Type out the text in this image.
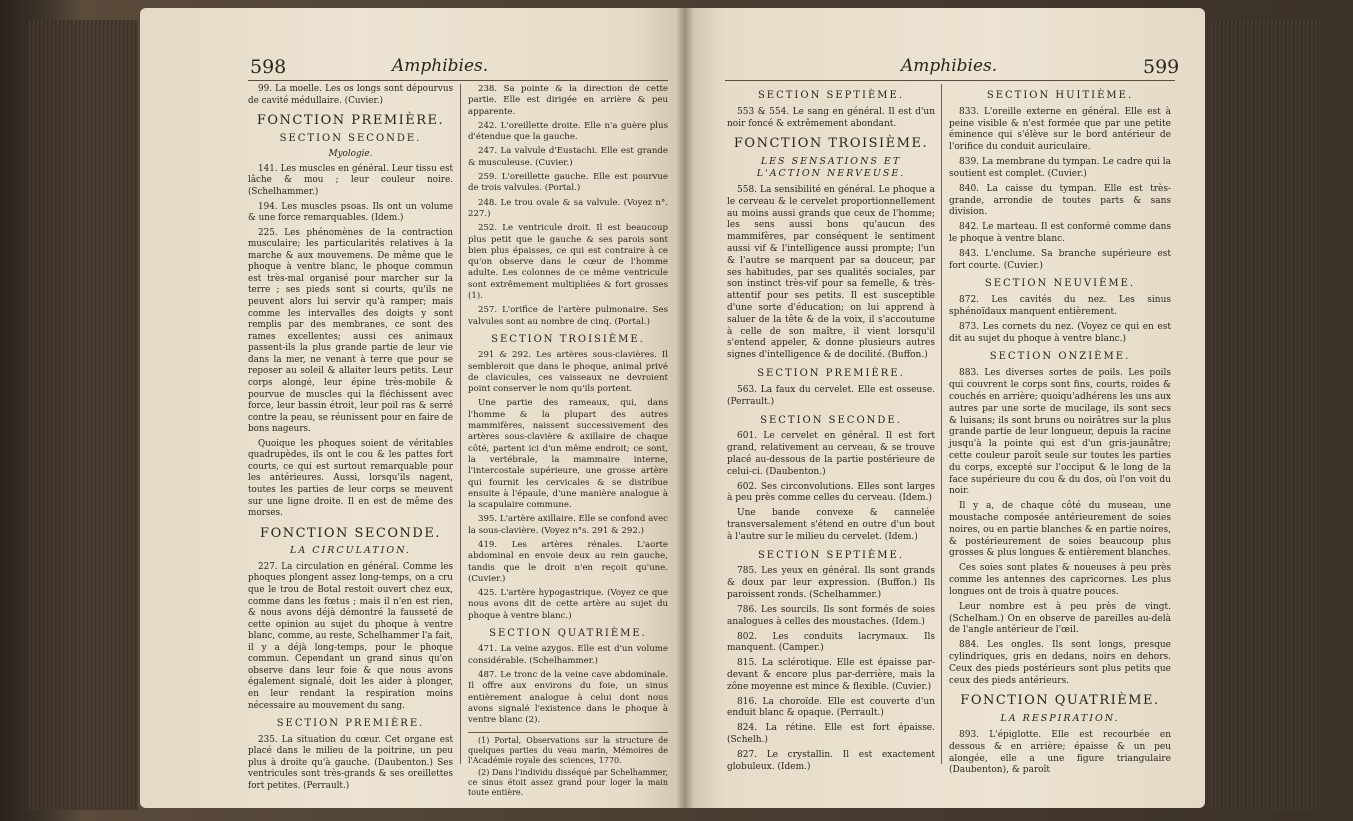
598	Amphibies.

99. La moelle. Les os longs sont dépourvus de cavité médullaire. (Cuvier.)

FONCTION PREMIÈRE.

SECTION SECONDE.

Myologie.

141. Les muscles en général. Leur tissu est lâche & mou ; leur couleur noire. (Schelhammer.)

194. Les muscles psoas. Ils ont un volume & une force remarquables. (Idem.)

225. Les phénomènes de la contraction musculaire; les particularités relatives à la marche & aux mouvemens. De même que le phoque à ventre blanc, le phoque commun est très-mal organisé pour marcher sur la terre ; ses pieds sont si courts, qu'ils ne peuvent alors lui servir qu'à ramper; mais comme les intervalles des doigts y sont remplis par des membranes, ce sont des rames excellentes; aussi ces animaux passent-ils la plus grande partie de leur vie dans la mer, ne venant à terre que pour se reposer au soleil & allaiter leurs petits. Leur corps alongé, leur épine très-mobile & pourvue de muscles qui la fléchissent avec force, leur bassin étroit, leur poil ras & serré contre la peau, se réunissent pour en faire de bons nageurs.

Quoique les phoques soient de véritables quadrupèdes, ils ont le cou & les pattes fort courts, ce qui est surtout remarquable pour les antérieures. Aussi, lorsqu'ils nagent, toutes les parties de leur corps se meuvent sur une ligne droite. Il en est de même des morses.

FONCTION SECONDE.

LA CIRCULATION.

227. La circulation en général. Comme les phoques plongent assez long-temps, on a cru que le trou de Botal restoit ouvert chez eux, comme dans les fœtus ; mais il n'en est rien, & nous avons déjà démontré la fausseté de cette opinion au sujet du phoque à ventre blanc, comme, au reste, Schelhammer l'a fait, il y a déjà long-temps, pour le phoque commun. Cependant un grand sinus qu'on observe dans leur foie & que nous avons également signalé, doit les aider à plonger, en leur rendant la respiration moins nécessaire au mouvement du sang.

SECTION PREMIÈRE.

235. La situation du cœur. Cet organe est placé dans le milieu de la poitrine, un peu plus à droite qu'à gauche. (Daubenton.) Ses ventricules sont très-grands & ses oreillettes fort petites. (Perrault.)

238. Sa pointe & la direction de cette partie. Elle est dirigée en arrière & peu apparente.

242. L'oreillette droite. Elle n'a guère plus d'étendue que la gauche.

247. La valvule d'Eustachi. Elle est grande & musculeuse. (Cuvier.)

259. L'oreillette gauche. Elle est pourvue de trois valvules. (Portal.)

248. Le trou ovale & sa valvule. (Voyez n°. 227.)

252. Le ventricule droit. Il est beaucoup plus petit que le gauche & ses parois sont bien plus épaisses, ce qui est contraire à ce qu'on observe dans le cœur de l'homme adulte. Les colonnes de ce même ventricule sont extrêmement multipliées & fort grosses (1).

257. L'orifice de l'artère pulmonaire. Ses valvules sont au nombre de cinq. (Portal.)

SECTION TROISIÈME.

291 & 292. Les artères sous-clavières. Il sembleroit que dans le phoque, animal privé de clavicules, ces vaisseaux ne devroient point conserver le nom qu'ils portent.

Une partie des rameaux, qui, dans l'homme & la plupart des autres mammifères, naissent successivement des artères sous-clavière & axillaire de chaque côté, partent ici d'un même endroit; ce sont, la vertébrale, la mammaire interne, l'intercostale supérieure, une grosse artère qui fournit les cervicales & se distribue ensuite à l'épaule, d'une manière analogue à la scapulaire commune.

395. L'artère axillaire. Elle se confond avec la sous-clavière. (Voyez n°s. 291 & 292.)

419. Les artères rénales. L'aorte abdominal en envoie deux au rein gauche, tandis que le droit n'en reçoit qu'une. (Cuvier.)

425. L'artère hypogastrique. (Voyez ce que nous avons dit de cette artère au sujet du phoque à ventre blanc.)

SECTION QUATRIÈME.

471. La veine azygos. Elle est d'un volume considérable. (Schelhammer.)

487. Le tronc de la veine cave abdominale. Il offre aux environs du foie, un sinus entièrement analogue à celui dont nous avons signalé l'existence dans le phoque à ventre blanc (2).

(1) Portal, Observations sur la structure de quelques parties du veau marin, Mémoires de l'Académie royale des sciences, 1770.

(2) Dans l'individu disséqué par Schelhammer, ce sinus étoit assez grand pour loger la main toute entière.

Amphibies.	599

SECTION SEPTIÈME.

553 & 554. Le sang en général. Il est d'un noir foncé & extrêmement abondant.

FONCTION TROISIÈME.

LES SENSATIONS ET L'ACTION NERVEUSE.

558. La sensibilité en général. Le phoque a le cerveau & le cervelet proportionnellement au moins aussi grands que ceux de l'homme; les sens aussi bons qu'aucun des mammifères, par conséquent le sentiment aussi vif & l'intelligence aussi prompte; l'un & l'autre se marquent par sa douceur, par ses habitudes, par ses qualités sociales, par son instinct très-vif pour sa femelle, & très-attentif pour ses petits. Il est susceptible d'une sorte d'éducation; on lui apprend à saluer de la tête & de la voix, il s'accoutume à celle de son maître, il vient lorsqu'il s'entend appeler, & donne plusieurs autres signes d'intelligence & de docilité. (Buffon.)

SECTION PREMIÈRE.

563. La faux du cervelet. Elle est osseuse. (Perrault.)

SECTION SECONDE.

601. Le cervelet en général. Il est fort grand, relativement au cerveau, & se trouve placé au-dessous de la partie postérieure de celui-ci. (Daubenton.)

602. Ses circonvolutions. Elles sont larges à peu près comme celles du cerveau. (Idem.)

Une bande convexe & cannelée transversalement s'étend en outre d'un bout à l'autre sur le milieu du cervelet. (Idem.)

SECTION SEPTIÈME.

785. Les yeux en général. Ils sont grands & doux par leur expression. (Buffon.) Ils paroissent ronds. (Schelhammer.)

786. Les sourcils. Ils sont formés de soies analogues à celles des moustaches. (Idem.)

802. Les conduits lacrymaux. Ils manquent. (Camper.)

815. La sclérotique. Elle est épaisse par-devant & encore plus par-derrière, mais la zône moyenne est mince & flexible. (Cuvier.)

816. La choroïde. Elle est couverte d'un enduit blanc & opaque. (Perrault.)

824. La rétine. Elle est fort épaisse. (Schelh.)

827. Le crystallin. Il est exactement globuleux. (Idem.)

SECTION HUITIÈME.

833. L'oreille externe en général. Elle est à peine visible & n'est formée que par une petite éminence qui s'élève sur le bord antérieur de l'orifice du conduit auriculaire.

839. La membrane du tympan. Le cadre qui la soutient est complet. (Cuvier.)

840. La caisse du tympan. Elle est très-grande, arrondie de toutes parts & sans division.

842. Le marteau. Il est conformé comme dans le phoque à ventre blanc.

843. L'enclume. Sa branche supérieure est fort courte. (Cuvier.)

SECTION NEUVIÈME.

872. Les cavités du nez. Les sinus sphénoïdaux manquent entièrement.

873. Les cornets du nez. (Voyez ce qui en est dit au sujet du phoque à ventre blanc.)

SECTION ONZIÈME.

883. Les diverses sortes de poils. Les poils qui couvrent le corps sont fins, courts, roides & couchés en arrière; quoiqu'adhérens les uns aux autres par une sorte de mucilage, ils sont secs & luisans; ils sont bruns ou noirâtres sur la plus grande partie de leur longueur, depuis la racine jusqu'à la pointe qui est d'un gris-jaunâtre; cette couleur paroît seule sur toutes les parties du corps, excepté sur l'occiput & le long de la face supérieure du cou & du dos, où l'on voit du noir.

Il y a, de chaque côté du museau, une moustache composée antérieurement de soies noires, ou en partie blanches & en partie noires, & postérieurement de soies beaucoup plus grosses & plus longues & entièrement blanches.

Ces soies sont plates & noueuses à peu près comme les antennes des capricornes. Les plus longues ont de trois à quatre pouces.

Leur nombre est à peu près de vingt. (Schelham.) On en observe de pareilles au-delà de l'angle antérieur de l'œil.

884. Les ongles. Ils sont longs, presque cylindriques, gris en dedans, noirs en dehors. Ceux des pieds postérieurs sont plus petits que ceux des pieds antérieurs.

FONCTION QUATRIÈME.

LA RESPIRATION.

893. L'épiglotte. Elle est recourbée en dessous & en arrière; épaisse & un peu alongée, elle a une figure triangulaire (Daubenton), & paroît
